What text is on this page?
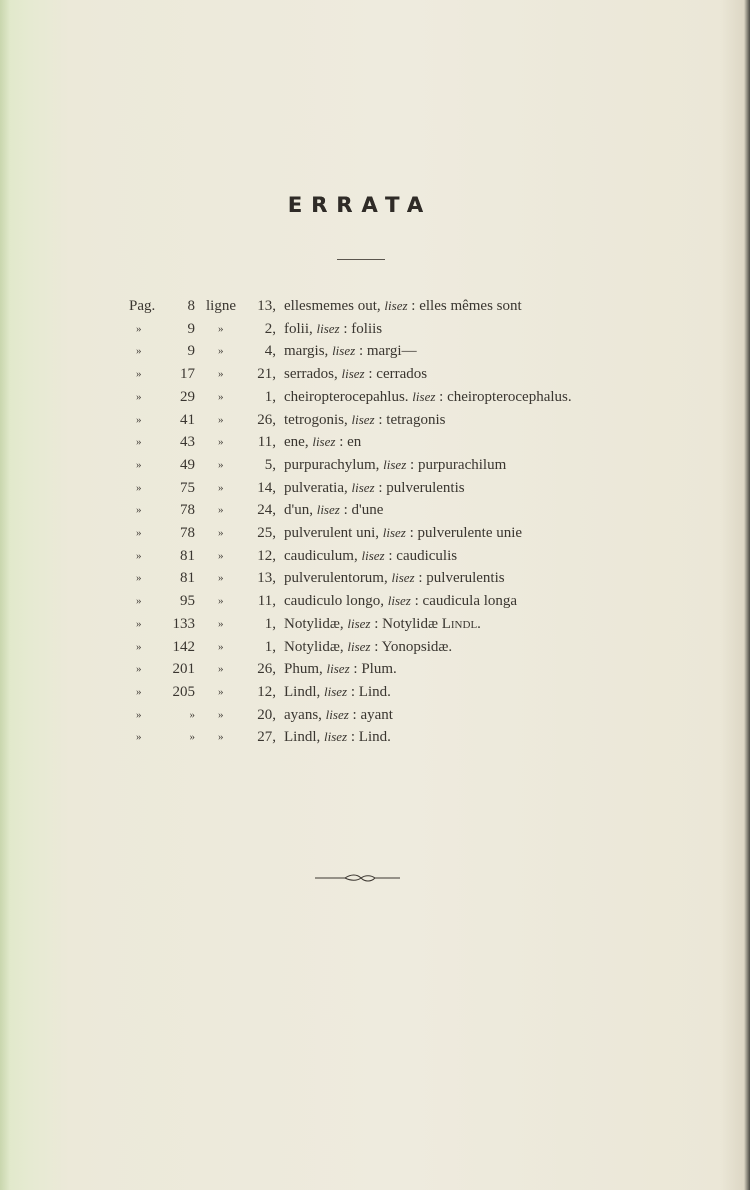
ERRATA
Pag.	8 ligne	13, ellesmemes out, lisez : elles mêmes sont
»	9 »	2, folii, lisez : foliis
»	9 »	4, margis, lisez : margi—
»	17 »	21, serrados, lisez : cerrados
»	29 »	1, cheiropterocepahlus. lisez : cheiropterocephalus.
»	41 »	26, tetrogonis, lisez : tetragonis
»	43 »	11, ene, lisez : en
»	49 »	5, purpurachylum, lisez : purpurachilum
»	75 »	14, pulveratia, lisez : pulverulentis
»	78 »	24, d'un, lisez : d'une
»	78 »	25, pulverulent uni, lisez : pulverulente unie
»	81 »	12, caudiculum, lisez : caudiculis
»	81 »	13, pulverulentorum, lisez : pulverulentis
»	95 »	11, caudiculo longo, lisez : caudicula longa
»	133 »	1, Notylidæ, lisez : Notylidæ Lindl.
»	142 »	1, Notylidæ, lisez : Yonopsidæ.
»	201 »	26, Phum, lisez : Plum.
»	205 »	12, Lindl, lisez : Lind.
»	» »	20, ayans, lisez : ayant
»	» »	27, Lindl, lisez : Lind.
